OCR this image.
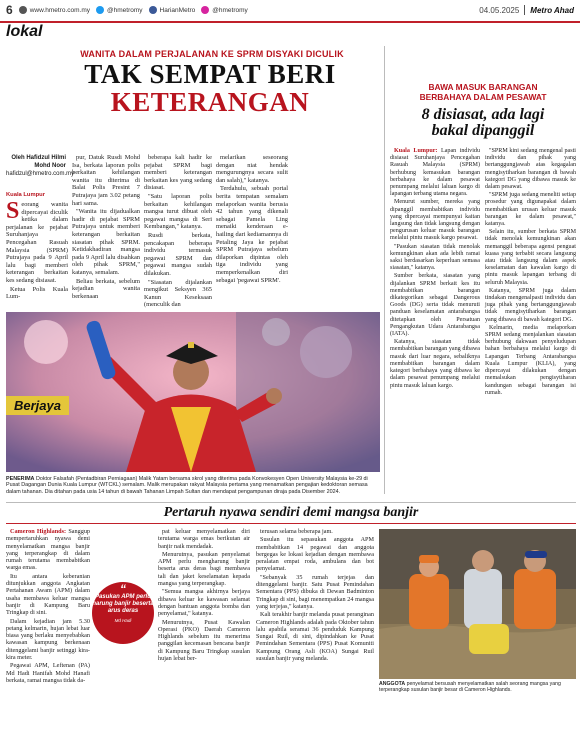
6	www.hmetro.com.my	@hmetromy	HarianMetro	@hmetromy	04.05.2025 Metro Ahad
lokal
WANITA DALAM PERJALANAN KE SPRM DISYAKI DICULIK
TAK SEMPAT BERI
KETERANGAN
Oleh Hafidzul Hilmi
Mohd Noor
hafidzul@hmetro.com.my
Kuala Lumpur

Seorang wanita dipercayai diculik ketika dalam perjalanan ke pejabat Suruhanjaya Pencegahan Rasuah Malaysia (SPRM) Putrajaya pada 9 April lalu bagi memberi keterangan berkaitan kes sedang disiasat.

Ketua Polis Kuala Lum-

pur, Datuk Rusdi Mohd Isa, berkata laporan polis berkaitan kehilangan wanita itu diterima di Balai Polis Presint 7 Putrajaya jam 3.02 petang hari sama.

"Wanita itu dijadualkan hadir di pejabat SPRM Putrajaya untuk memberi keterangan berkaitan siasatan pihak SPRM. Ketidakhadiran mangsa pada 9 April lalu disahkan oleh pihak SPRM," katanya, semalam.

Beliau berkata, sebelum kejadian wanita berkenaan

beberapa kali hadir ke pejabat SPRM bagi memberi keterangan berkaitan kes yang sedang disiasat.

"Satu laporan polis berkaitan kehilangan mangsa turut dibuat oleh pegawai mangsa di Seri Kembangan," katanya.

Rusdi berkata, pencakapan beberapa individu termasuk pegawai SPRM dan pegawai mangsa sudah dilakukan.

"Siasatan dijalankan mengikut Seksyen 365 Kanun Keseksaan (menculik dan

melarikan seseorang dengan niat hendak mengurungnya secara sulit dan salah)," katanya.

Terdahulu, sebuah portal berita tempatan semalam melaporkan wanita berusia 42 tahun yang dikenali sebagai Pamela Ling menaiki kenderaan e-hailing dari kediamannya di Petaling Jaya ke pejabat SPRM Putrajaya sebelum dilaporkan dipintas oleh tiga individu yang memperkenalkan diri sebagai 'pegawai SPRM'.

Berjaya
PENERIMA Doktor Falsafah (Pentadbiran Perniagaan) Malik Yatam bersama skrol yang diterima pada Konvokesyen Open University Malaysia ke-29 di Pusat Dagangan Dunia Kuala Lumpur (WTCKL) semalam. Malik merupakan rakyat Malaysia pertama yang menamatkan pengajian kedoktoran semasa dalam tahanan. Dia ditahan pada usia 14 tahun di bawah Tahanan Limpah Sultan dan mendapat pengampunan diraja pada Disember 2024.
BAWA MASUK BARANGAN
BERBAHAYA DALAM PESAWAT
8 disiasat, ada lagi
bakal dipanggil

Kuala Lumpur: Lapan individu disiasat Suruhanjaya Pencegahan Rasuah Malaysia (SPRM) berhubung kemasukan barangan berbahaya ke dalam pesawat penumpang melalui laluan kargo di lapangan terbang utama negara.

Menurut sumber, mereka yang dipanggil membabitkan individu yang dipercayai mempunyai kaitan langsung dan tidak langsung dengan pengurusan keluar masuk barangan melalui pintu masuk kargo pesawat.

"Pasukan siasatan tidak menolak kemungkinan akan ada lebih ramai saksi berdasarkan keperluan semasa siasatan," katanya.

Sumber berkata, siasatan yang dijalankan SPRM berkait kes itu membabitkan barangan dikategorikan sebagai Dangerous Goods (DG) serta tidak menuruti panduan keselamatan antarabangsa ditetapkan oleh Persatuan Pengangkutan Udara Antarabangsa (IATA).

Katanya, siasatan tidak membabitkan barangan yang dibawa masuk dari luar negara, sebaliknya membabitkan barangan dalam kategori berbahaya yang dibawa ke dalam pesawat penumpang melalui pintu masuk laluan kargo.

"SPRM kini sedang mengenal pasti individu dan pihak yang bertanggungjawab atas kegagalan mengisytiharkan barangan di bawah kategori DG yang dibawa masuk ke dalam pesawat.

"SPRM juga sedang meneliti setiap prosedur yang digunapakai dalam membabitkan urusan keluar masuk barangan ke dalam pesawat," katanya.

Selain itu, sumber berkata SPRM tidak menolak kemungkinan akan memanggil beberapa agensi penguat kuasa yang terbabit secara langsung atau tidak langsung dalam aspek keselamatan dan kawalan kargo di pintu masuk lapangan terbang di seluruh Malaysia.

Katanya, SPRM juga dalam tindakan mengenalpasti individu dan juga pihak yang bertanggungjawab tidak mengisytiharkan barangan yang dibawa di bawah kategori DG.

Kelmarin, media melaporkan SPRM sedang menjalankan siasatan berhubung dakwaan penyeludupan bahan berbahaya melalui kargo di Lapangan Terbang Antarabangsa Kuala Lumpur (KLIA), yang dipercayai dilakukan dengan memalsukan pengisytiharan kandungan sebagai barangan isi rumah.

Pertaruh nyawa sendiri demi mangsa banjir

Cameron Highlands: Sanggup mempertaruhkan nyawa demi menyelamatkan mangsa banjir yang terperangkap di dalam rumah terutama membabitkan warga emas.

Itu antara keberanian ditunjukkan anggota Angkatan Pertahanan Awam (APM) dalam usaha membawa keluar mangsa banjir di Kampung Baru Tringkap di sini.

Dalam kejadian jam 5.30 petang kelmarin, hujan lebat luar biasa yang berlaku menyebabkan kawasan kampung berkenaan ditenggelami banjir setinggi kira-kira meter.

Pegawai APM, Leftenan (PA) Md Hadi Hanifah Mohd Hanafi berkata, ramai mangsa tidak da-

pat keluar menyelamatkan diri terutama warga emas berikutan air banjir naik mendadak.

Menurutnya, pasukan penyelamat APM perlu mengharung banjir beserta arus deras bagi membawa tali dan jaket keselamatan kepada mangsa yang terperangkap.

"Semua mangsa akhirnya berjaya dibawa keluar ke kawasan selamat dengan bantuan anggota bomba dan penyelamat," katanya.

Menurutnya, Pusat Kawalan Operasi (PKO) Daerah Cameron Highlands sebelum itu menerima panggilan kecemasan bencana banjir di Kampung Baru Tringkap susulan hujan lebat ber-

terusan selama beberapa jam.

Susulan itu sepasukan anggota APM membabitkan 14 pegawai dan anggota bergegas ke lokasi kejadian dengan membawa peralatan empat roda, ambulans dan bot penyelamat.

"Sebanyak 35 rumah terjejas dan ditenggelami banjir. Satu Pusat Pemindahan Sementara (PPS) dibuka di Dewan Badminton Tringkap di sini, bagi menempatkan 24 mangsa yang terjejas," katanya.

Kali terakhir banjir melanda pusat peranginan Cameron Highlands adalah pada Oktober tahun lalu apabila seramai 36 penduduk Kampung Sungai Ruil, di sini, dipindahkan ke Pusat Pemindahan Sementara (PPS) Pusat Komuniti Kampung Orang Asli (KOA) Sungai Ruil susulan banjir yang melanda.

“
Pasukan APM perlu harung banjir beserta arus deras
Md Hadi
ANGGOTA penyelamat bersusah menyelamatkan salah seorang mangsa yang terperangkap susulan banjir besar di Cameron Highlands.
